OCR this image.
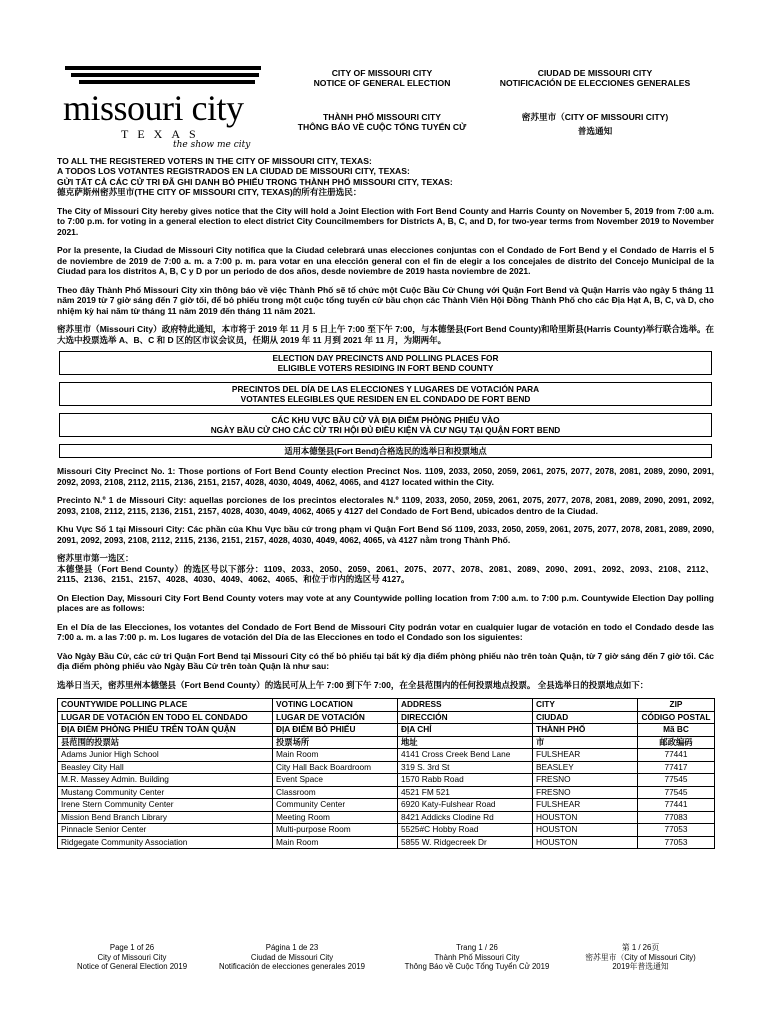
missouri city
TEXAS
the show me city
CITY OF MISSOURI CITY
NOTICE OF GENERAL ELECTION
CIUDAD DE MISSOURI CITY
NOTIFICACIÓN DE ELECCIONES GENERALES
THÀNH PHỐ MISSOURI CITY
THÔNG BÁO VỀ CUỘC TỔNG TUYỂN CỬ
密苏里市（CITY OF MISSOURI CITY)
普选通知
TO ALL THE REGISTERED VOTERS IN THE CITY OF MISSOURI CITY, TEXAS:
A TODOS LOS VOTANTES REGISTRADOS EN LA CIUDAD DE MISSOURI CITY, TEXAS:
GỬI TẤT CẢ CÁC CỬ TRI ĐÃ GHI DANH BỎ PHIẾU TRONG THÀNH PHỐ MISSOURI CITY, TEXAS:
德克萨斯州密苏里市(THE CITY OF MISSOURI CITY, TEXAS)的所有注册选民：

The City of Missouri City hereby gives notice that the City will hold a Joint Election with Fort Bend County and Harris County on November 5, 2019 from 7:00 a.m. to 7:00 p.m. for voting in a general election to elect district City Councilmembers for Districts A, B, C, and D, for two-year terms from November 2019 to November 2021.

Por la presente, la Ciudad de Missouri City notifica que la Ciudad celebrará unas elecciones conjuntas con el Condado de Fort Bend y el Condado de Harris el 5 de noviembre de 2019 de 7:00 a. m. a 7:00 p. m. para votar en una elección general con el fin de elegir a los concejales de distrito del Concejo Municipal de la Ciudad para los distritos A, B, C y D por un periodo de dos años, desde noviembre de 2019 hasta noviembre de 2021.

Theo đây Thành Phố Missouri City xin thông báo về việc Thành Phố sẽ tổ chức một Cuộc Bầu Cử Chung với Quận Fort Bend và Quận Harris vào ngày 5 tháng 11 năm 2019 từ 7 giờ sáng đến 7 giờ tối, để bỏ phiếu trong một cuộc tổng tuyển cử bầu chọn các Thành Viên Hội Đồng Thành Phố cho các Địa Hạt A, B, C, và D, cho nhiệm kỳ hai năm từ tháng 11 năm 2019 đến tháng 11 năm 2021.

密苏里市（Missouri City）政府特此通知，本市将于 2019 年 11 月 5 日上午 7:00 至下午 7:00，与本德堡县(Fort Bend County)和哈里斯县(Harris County)举行联合选举。在大选中投票选举 A、B、C 和 D 区的区市议会议员，任期从 2019 年 11 月到 2021 年 11 月，为期两年。

ELECTION DAY PRECINCTS AND POLLING PLACES FOR
ELIGIBLE VOTERS RESIDING IN FORT BEND COUNTY
PRECINTOS DEL DÍA DE LAS ELECCIONES Y LUGARES DE VOTACIÓN PARA
VOTANTES ELEGIBLES QUE RESIDEN EN EL CONDADO DE FORT BEND
CÁC KHU VỰC BẦU CỬ VÀ ĐỊA ĐIỂM PHÒNG PHIẾU VÀO
NGÀY BẦU CỬ CHO CÁC CỬ TRI HỘI ĐỦ ĐIỀU KIỆN VÀ CƯ NGỤ TẠI QUẬN FORT BEND
适用本德堡县(Fort Bend)合格选民的选举日和投票地点

Missouri City Precinct No. 1: Those portions of Fort Bend County election Precinct Nos. 1109, 2033, 2050, 2059, 2061, 2075, 2077, 2078, 2081, 2089, 2090, 2091, 2092, 2093, 2108, 2112, 2115, 2136, 2151, 2157, 4028, 4030, 4049, 4062, 4065, and 4127 located within the City.

Precinto N.º 1 de Missouri City: aquellas porciones de los precintos electorales N.º 1109, 2033, 2050, 2059, 2061, 2075, 2077, 2078, 2081, 2089, 2090, 2091, 2092, 2093, 2108, 2112, 2115, 2136, 2151, 2157, 4028, 4030, 4049, 4062, 4065 y 4127 del Condado de Fort Bend, ubicados dentro de la Ciudad.

Khu Vực Số 1 tại Missouri City: Các phần của Khu Vực bầu cử trong phạm vi Quận Fort Bend Số 1109, 2033, 2050, 2059, 2061, 2075, 2077, 2078, 2081, 2089, 2090, 2091, 2092, 2093, 2108, 2112, 2115, 2136, 2151, 2157, 4028, 4030, 4049, 4062, 4065, và 4127 nằm trong Thành Phố.

密苏里市第一选区：
本德堡县（Fort Bend County）的选区号以下部分：1109、2033、2050、2059、2061、2075、2077、2078、2081、2089、2090、2091、2092、2093、2108、2112、2115、2136、2151、2157、4028、4030、4049、4062、4065、和位于市内的选区号 4127。

On Election Day, Missouri City Fort Bend County voters may vote at any Countywide polling location from 7:00 a.m. to 7:00 p.m. Countywide Election Day polling places are as follows:

En el Día de las Elecciones, los votantes del Condado de Fort Bend de Missouri City podrán votar en cualquier lugar de votación en todo el Condado desde las 7:00 a. m. a las 7:00 p. m. Los lugares de votación del Día de las Elecciones en todo el Condado son los siguientes:

Vào Ngày Bầu Cử, các cử tri Quận Fort Bend tại Missouri City có thể bỏ phiếu tại bất kỳ địa điểm phòng phiếu nào trên toàn Quận, từ 7 giờ sáng đến 7 giờ tối. Các địa điểm phòng phiếu vào Ngày Bầu Cử trên toàn Quận là như sau:

选举日当天，密苏里州本德堡县（Fort Bend County）的选民可从上午 7:00 到下午 7:00，在全县范围内的任何投票地点投票。 全县选举日的投票地点如下：

COUNTYWIDE POLLING PLACE	VOTING LOCATION	ADDRESS	CITY	ZIP
LUGAR DE VOTACIÓN EN TODO EL CONDADO	LUGAR DE VOTACIÓN	DIRECCIÓN	CIUDAD	CÓDIGO POSTAL
ĐỊA ĐIỂM PHÒNG PHIẾU TRÊN TOÀN QUẬN	ĐỊA ĐIỂM BỎ PHIẾU	ĐỊA CHỈ	THÀNH PHỐ	Mã BC
县范围的投票站	投票场所	地址	市	邮政编码
Adams Junior High School	Main Room	4141 Cross Creek Bend Lane	FULSHEAR	77441
Beasley City Hall	City Hall Back Boardroom	319 S. 3rd St	BEASLEY	77417
M.R. Massey Admin. Building	Event Space	1570 Rabb Road	FRESNO	77545
Mustang Community Center	Classroom	4521 FM 521	FRESNO	77545
Irene Stern Community Center	Community Center	6920 Katy-Fulshear Road	FULSHEAR	77441
Mission Bend Branch Library	Meeting Room	8421 Addicks Clodine Rd	HOUSTON	77083
Pinnacle Senior Center	Multi-purpose Room	5525#C Hobby Road	HOUSTON	77053
Ridgegate Community Association	Main Room	5855 W. Ridgecreek Dr	HOUSTON	77053
Page 1 of 26
City of Missouri City
Notice of General Election 2019
Página 1 de 23
Ciudad de Missouri City
Notificación de elecciones generales 2019
Trang 1 / 26
Thành Phố Missouri City
Thông Báo về Cuộc Tổng Tuyển Cử 2019
第 1 / 26页
密苏里市（City of Missouri City)
2019年普选通知
